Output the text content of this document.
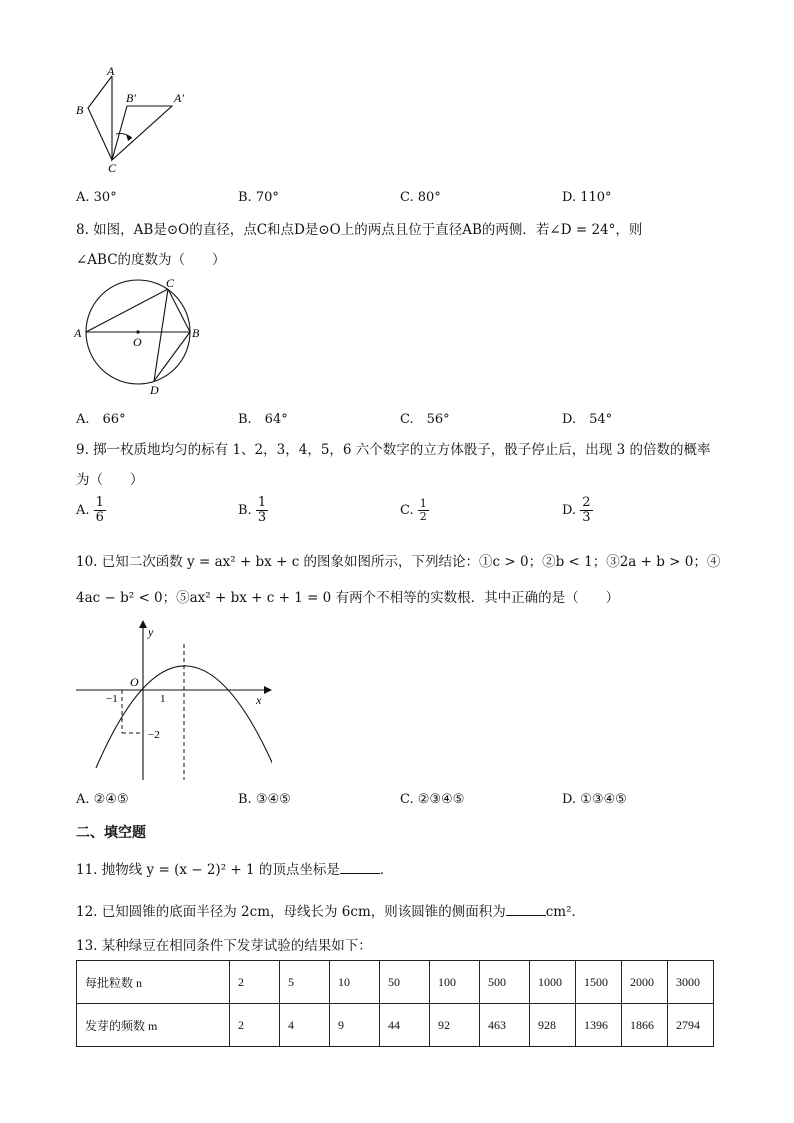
A
B
C
B′	A′
A. 30°	B. 70°	C. 80°	D. 110°
8. 如图，AB是⊙O的直径，点C和点D是⊙O上的两点且位于直径AB的两侧．若∠D = 24°，则
∠ABC的度数为（　　）
A
O
B
C
D
A.　66°	B.　64°	C.　56°	D.　54°
9. 掷一枚质地均匀的标有 1、2，3，4，5，6 六个数字的立方体骰子，骰子停止后，出现 3 的倍数的概率
为（　　）
A. $\frac{1}{6}$	B. $\frac{1}{3}$	C. $\frac{1}{2}$	D. $\frac{2}{3}$
10. 已知二次函数 y = ax² + bx + c 的图象如图所示，下列结论：①c > 0；②b < 1；③2a + b > 0；④
4ac − b² < 0；⑤ax² + bx + c + 1 = 0 有两个不相等的实数根．其中正确的是（　　）
y
x
O
−1	1
−2
A. ②④⑤	B. ③④⑤	C. ②③④⑤	D. ①③④⑤
二、填空题
11. 抛物线 y = (x − 2)² + 1 的顶点坐标是	．
12. 已知圆锥的底面半径为 2cm，母线长为 6cm，则该圆锥的侧面积为	cm²．
13. 某种绿豆在相同条件下发芽试验的结果如下：
每批粒数 n	2	5	10	50	100	500	1000	1500	2000	3000
发芽的频数 m	2	4	9	44	92	463	928	1396	1866	2794
